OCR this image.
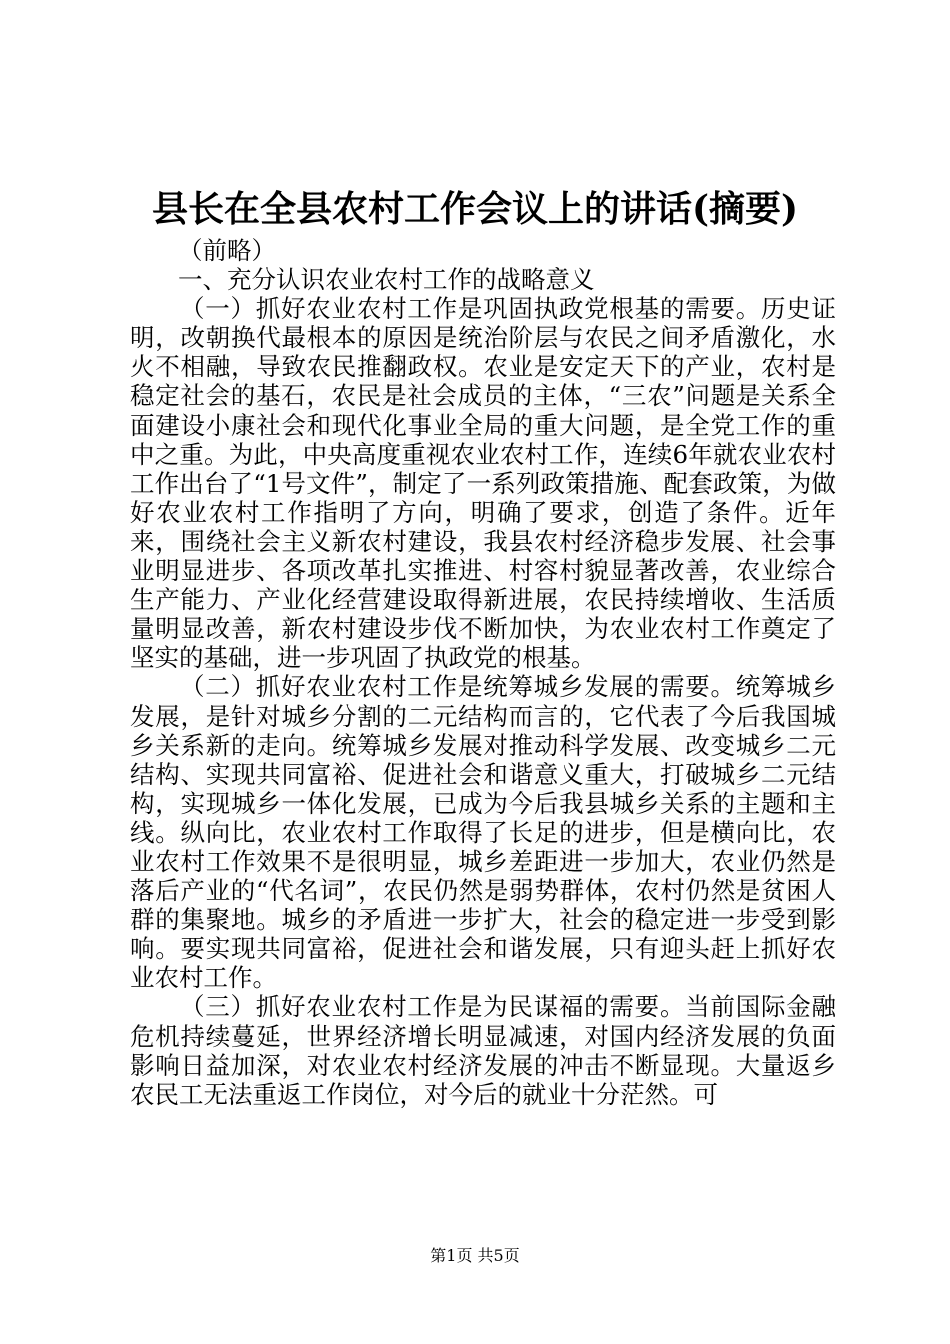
县长在全县农村工作会议上的讲话(摘要)

（前略）

一、充分认识农业农村工作的战略意义

（一）抓好农业农村工作是巩固执政党根基的需要。历史证明，改朝换代最根本的原因是统治阶层与农民之间矛盾激化，水火不相融，导致农民推翻政权。农业是安定天下的产业，农村是稳定社会的基石，农民是社会成员的主体，“三农”问题是关系全面建设小康社会和现代化事业全局的重大问题，是全党工作的重中之重。为此，中央高度重视农业农村工作，连续6年就农业农村工作出台了“1号文件”，制定了一系列政策措施、配套政策，为做好农业农村工作指明了方向，明确了要求，创造了条件。近年来，围绕社会主义新农村建设，我县农村经济稳步发展、社会事业明显进步、各项改革扎实推进、村容村貌显著改善，农业综合生产能力、产业化经营建设取得新进展，农民持续增收、生活质量明显改善，新农村建设步伐不断加快，为农业农村工作奠定了坚实的基础，进一步巩固了执政党的根基。

（二）抓好农业农村工作是统筹城乡发展的需要。统筹城乡发展，是针对城乡分割的二元结构而言的，它代表了今后我国城乡关系新的走向。统筹城乡发展对推动科学发展、改变城乡二元结构、实现共同富裕、促进社会和谐意义重大，打破城乡二元结构，实现城乡一体化发展，已成为今后我县城乡关系的主题和主线。纵向比，农业农村工作取得了长足的进步，但是横向比，农业农村工作效果不是很明显，城乡差距进一步加大，农业仍然是落后产业的“代名词”，农民仍然是弱势群体，农村仍然是贫困人群的集聚地。城乡的矛盾进一步扩大，社会的稳定进一步受到影响。要实现共同富裕，促进社会和谐发展，只有迎头赶上抓好农业农村工作。

（三）抓好农业农村工作是为民谋福的需要。当前国际金融危机持续蔓延，世界经济增长明显减速，对国内经济发展的负面影响日益加深，对农业农村经济发展的冲击不断显现。大量返乡农民工无法重返工作岗位，对今后的就业十分茫然。可

第1页 共5页
